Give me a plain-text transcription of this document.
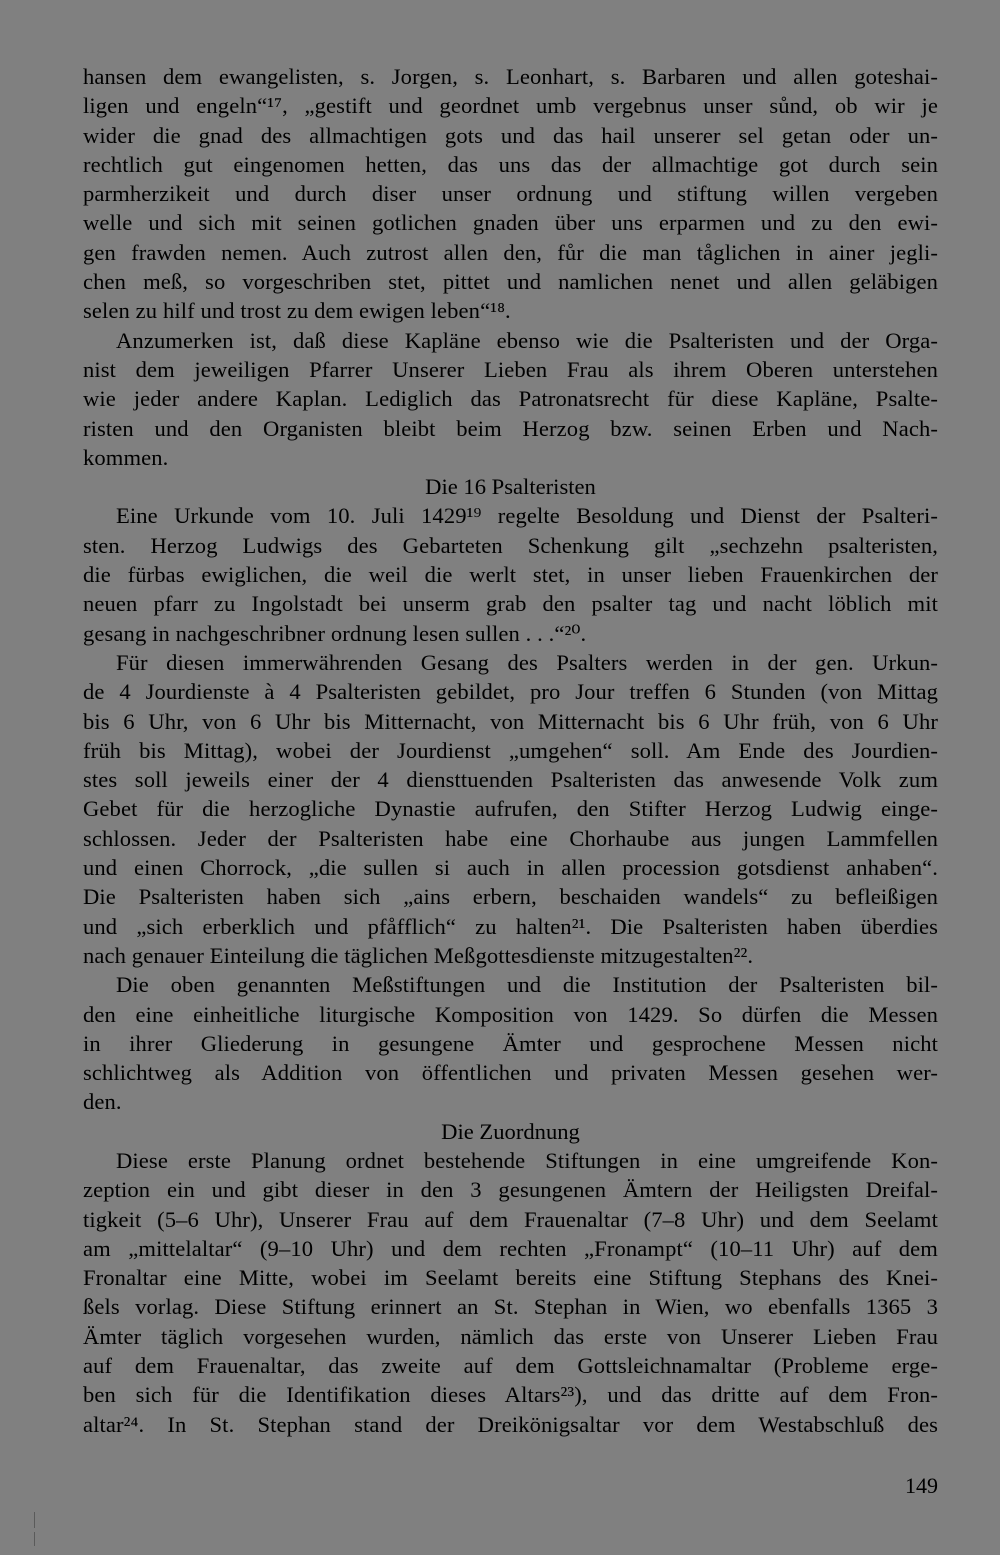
hansen dem ewangelisten, s. Jorgen, s. Leonhart, s. Barbaren und allen goteshai-
ligen und engeln“¹⁷, „gestift und geordnet umb vergebnus unser sůnd, ob wir je
wider die gnad des allmachtigen gots und das hail unserer sel getan oder un-
rechtlich gut eingenomen hetten, das uns das der allmachtige got durch sein
parmherzikeit und durch diser unser ordnung und stiftung willen vergeben
welle und sich mit seinen gotlichen gnaden über uns erparmen und zu den ewi-
gen frawden nemen. Auch zutrost allen den, fůr die man tåglichen in ainer jegli-
chen meß, so vorgeschriben stet, pittet und namlichen nenet und allen geläbigen
selen zu hilf und trost zu dem ewigen leben“¹⁸.
Anzumerken ist, daß diese Kapläne ebenso wie die Psalteristen und der Orga-
nist dem jeweiligen Pfarrer Unserer Lieben Frau als ihrem Oberen unterstehen
wie jeder andere Kaplan. Lediglich das Patronatsrecht für diese Kapläne, Psalte-
risten und den Organisten bleibt beim Herzog bzw. seinen Erben und Nach-
kommen.
Die 16 Psalteristen
Eine Urkunde vom 10. Juli 1429¹⁹ regelte Besoldung und Dienst der Psalteri-
sten. Herzog Ludwigs des Gebarteten Schenkung gilt „sechzehn psalteristen,
die fürbas ewiglichen, die weil die werlt stet, in unser lieben Frauenkirchen der
neuen pfarr zu Ingolstadt bei unserm grab den psalter tag und nacht löblich mit
gesang in nachgeschribner ordnung lesen sullen . . .“²⁰.
Für diesen immerwährenden Gesang des Psalters werden in der gen. Urkun-
de 4 Jourdienste à 4 Psalteristen gebildet, pro Jour treffen 6 Stunden (von Mittag
bis 6 Uhr, von 6 Uhr bis Mitternacht, von Mitternacht bis 6 Uhr früh, von 6 Uhr
früh bis Mittag), wobei der Jourdienst „umgehen“ soll. Am Ende des Jourdien-
stes soll jeweils einer der 4 diensttuenden Psalteristen das anwesende Volk zum
Gebet für die herzogliche Dynastie aufrufen, den Stifter Herzog Ludwig einge-
schlossen. Jeder der Psalteristen habe eine Chorhaube aus jungen Lammfellen
und einen Chorrock, „die sullen si auch in allen procession gotsdienst anhaben“.
Die Psalteristen haben sich „ains erbern, beschaiden wandels“ zu befleißigen
und „sich erberklich und pfåfflich“ zu halten²¹. Die Psalteristen haben überdies
nach genauer Einteilung die täglichen Meßgottesdienste mitzugestalten²².
Die oben genannten Meßstiftungen und die Institution der Psalteristen bil-
den eine einheitliche liturgische Komposition von 1429. So dürfen die Messen
in ihrer Gliederung in gesungene Ämter und gesprochene Messen nicht
schlichtweg als Addition von öffentlichen und privaten Messen gesehen wer-
den.
Die Zuordnung
Diese erste Planung ordnet bestehende Stiftungen in eine umgreifende Kon-
zeption ein und gibt dieser in den 3 gesungenen Ämtern der Heiligsten Dreifal-
tigkeit (5–6 Uhr), Unserer Frau auf dem Frauenaltar (7–8 Uhr) und dem Seelamt
am „mittelaltar“ (9–10 Uhr) und dem rechten „Fronampt“ (10–11 Uhr) auf dem
Fronaltar eine Mitte, wobei im Seelamt bereits eine Stiftung Stephans des Knei-
ßels vorlag. Diese Stiftung erinnert an St. Stephan in Wien, wo ebenfalls 1365 3
Ämter täglich vorgesehen wurden, nämlich das erste von Unserer Lieben Frau
auf dem Frauenaltar, das zweite auf dem Gottsleichnamaltar (Probleme erge-
ben sich für die Identifikation dieses Altars²³), und das dritte auf dem Fron-
altar²⁴. In St. Stephan stand der Dreikönigsaltar vor dem Westabschluß des
149
